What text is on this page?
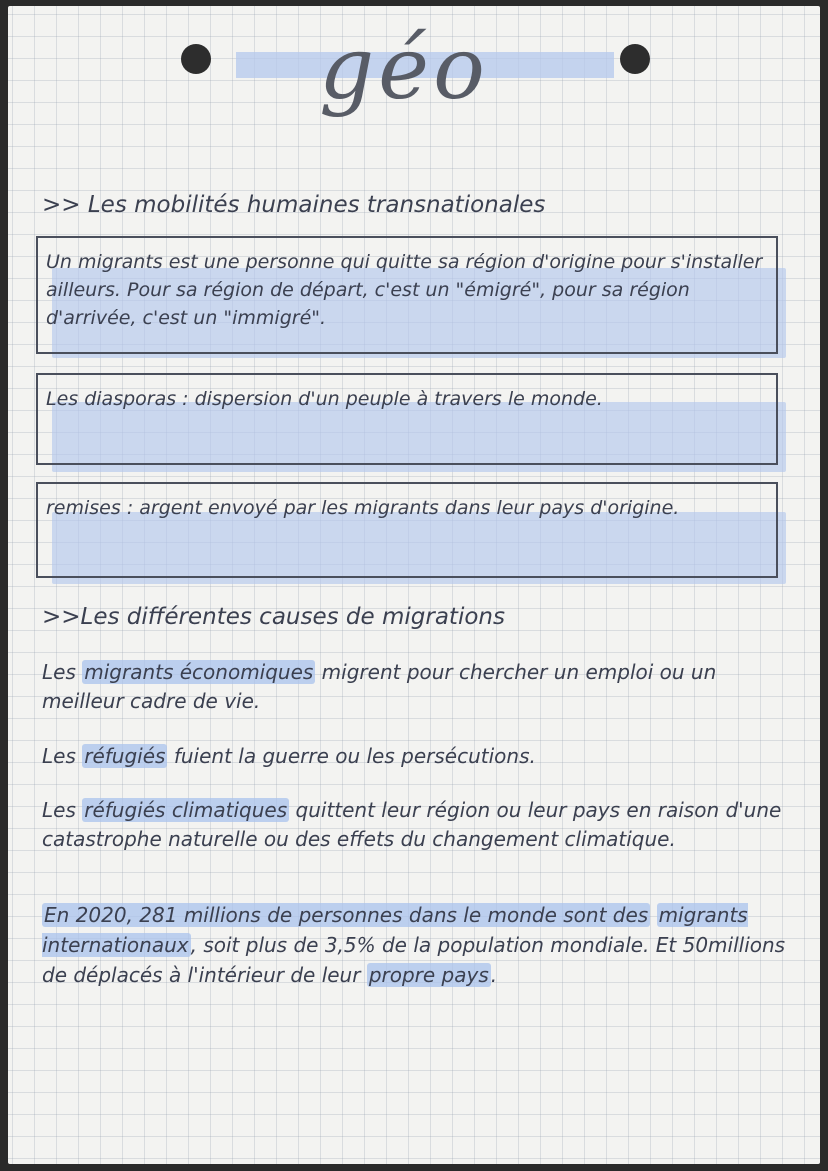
géo
>> Les mobilités humaines transnationales
Un migrants est une personne qui quitte sa région d'origine pour s'installer ailleurs. Pour sa région de départ, c'est un "émigré", pour sa région d'arrivée, c'est un "immigré".
Les diasporas : dispersion d'un peuple à travers le monde.
remises : argent envoyé par les migrants dans leur pays d'origine.
>>Les différentes causes de migrations
Les migrants économiques migrent pour chercher un emploi ou un meilleur cadre de vie.
Les réfugiés fuient la guerre ou les persécutions.
Les réfugiés climatiques quittent leur région ou leur pays en raison d'une catastrophe naturelle ou des effets du changement climatique.
En 2020, 281 millions de personnes dans le monde sont des migrants internationaux , soit plus de 3,5% de la population mondiale. Et 50millions de déplacés à l'intérieur de leur propre pays .
